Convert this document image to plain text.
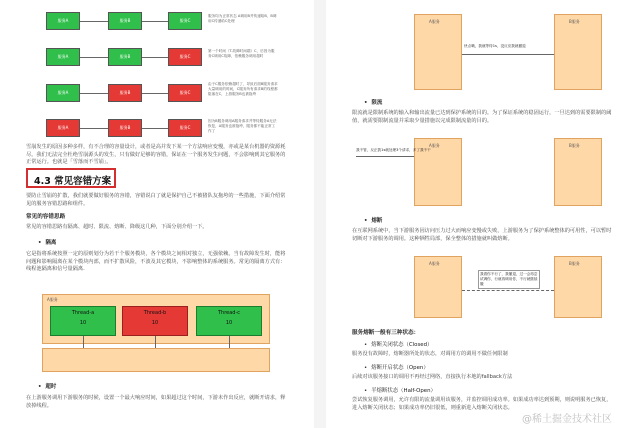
服务A	服务B	服务C
服务均为正常状态 A调用B并传递给B，B调用C传递给C处理
服务A	服务B	服务C
第一个时间（T.故障时间端）C，后因为服务C调用C故障，依赖服务调用超时
服务A	服务B	服务C
由于C服务依赖超时了，导致后面B服务请求大量调用的时间，C服务所有请求B的线程都阻塞在C，上游服务B也被拖垮
服务A	服务B	服务C
因为B服务调用A服务请求并等待服务A无法恢复，A服务也被拖垮，服务都不能正常工作了
雪崩发生的原因多种多样，有不合理的容量设计，或者是高并发下某一个方法响应变慢，亦或是某台机器的资源耗尽。我们无法完全杜绝雪崩源头的发生，只有做好足够的容错，保证在一个服务发生问题，不会影响到其它服务的正常运行。也就是「雪落而不雪崩」。
4.3 常见容错方案
要防止雪崩的扩散，我们就要做好服务的容错，容错说白了就是保护自己不被猪队友拖垮的一些措施，下面介绍常见的服务容错思路和组件。
常见的容错思路
常见的容错思路有隔离、超时、限流、熔断、降级这几种，下面分别介绍一下。
• 隔离
它是指将系统按照一定的原则划分为若干个服务模块，各个模块之间相对独立，无强依赖。当有故障发生时，能将问题和影响隔离在某个模块内部，而不扩散风险，不波及其它模块，不影响整体的系统服务。常见的隔离方式有：线程池隔离和信号量隔离.
A服务
Thread-a
10
Thread-b
10
Thread-c
10
• 超时
在上游服务调用下游服务的时候，设置一个最大响应时间，如果超过这个时间，下游未作出反应，就断开请求，释放掉线程。
A服务	B服务
快点哦，我就等待1s，没反应我就撤退
• 限流
限流就是限制系统的输入和输出流量已达到保护系统的目的。为了保证系统的稳固运行，一旦达到的需要限制的阈值，就需要限制流量并采取少量措施以完成限制流量的目的。
A服务	B服务
我不管，反正我1s就处理3个请求，多了我不干
• 熔断
在互联网系统中，当下游服务因访问压力过大而响应变慢或失败，上游服务为了保护系统整体的可用性，可以暂时切断对下游服务的调用。这种牺牲局部，保全整体的措施就叫做熔断。
A服务	B服务
我看你不行了，我撤退，过一会再尝试调你，行就再调用你，不行就继续撤
服务熔断一般有三种状态：
• 熔断关闭状态（Closed）
服务没有故障时，熔断器所处的状态，对调用方的调用不做任何限制
• 熔断开启状态（Open）
后续对该服务接口的调用不再经过网络，直接执行本地的fallback方法
• 半熔断状态（Half-Open）
尝试恢复服务调用，允许有限的流量调用该服务，并监控调用成功率。如果成功率达到预期，则说明服务已恢复，进入熔断关闭状态；如果成功率仍旧很低，则重新进入熔断关闭状态。
@稀土掘金技术社区
